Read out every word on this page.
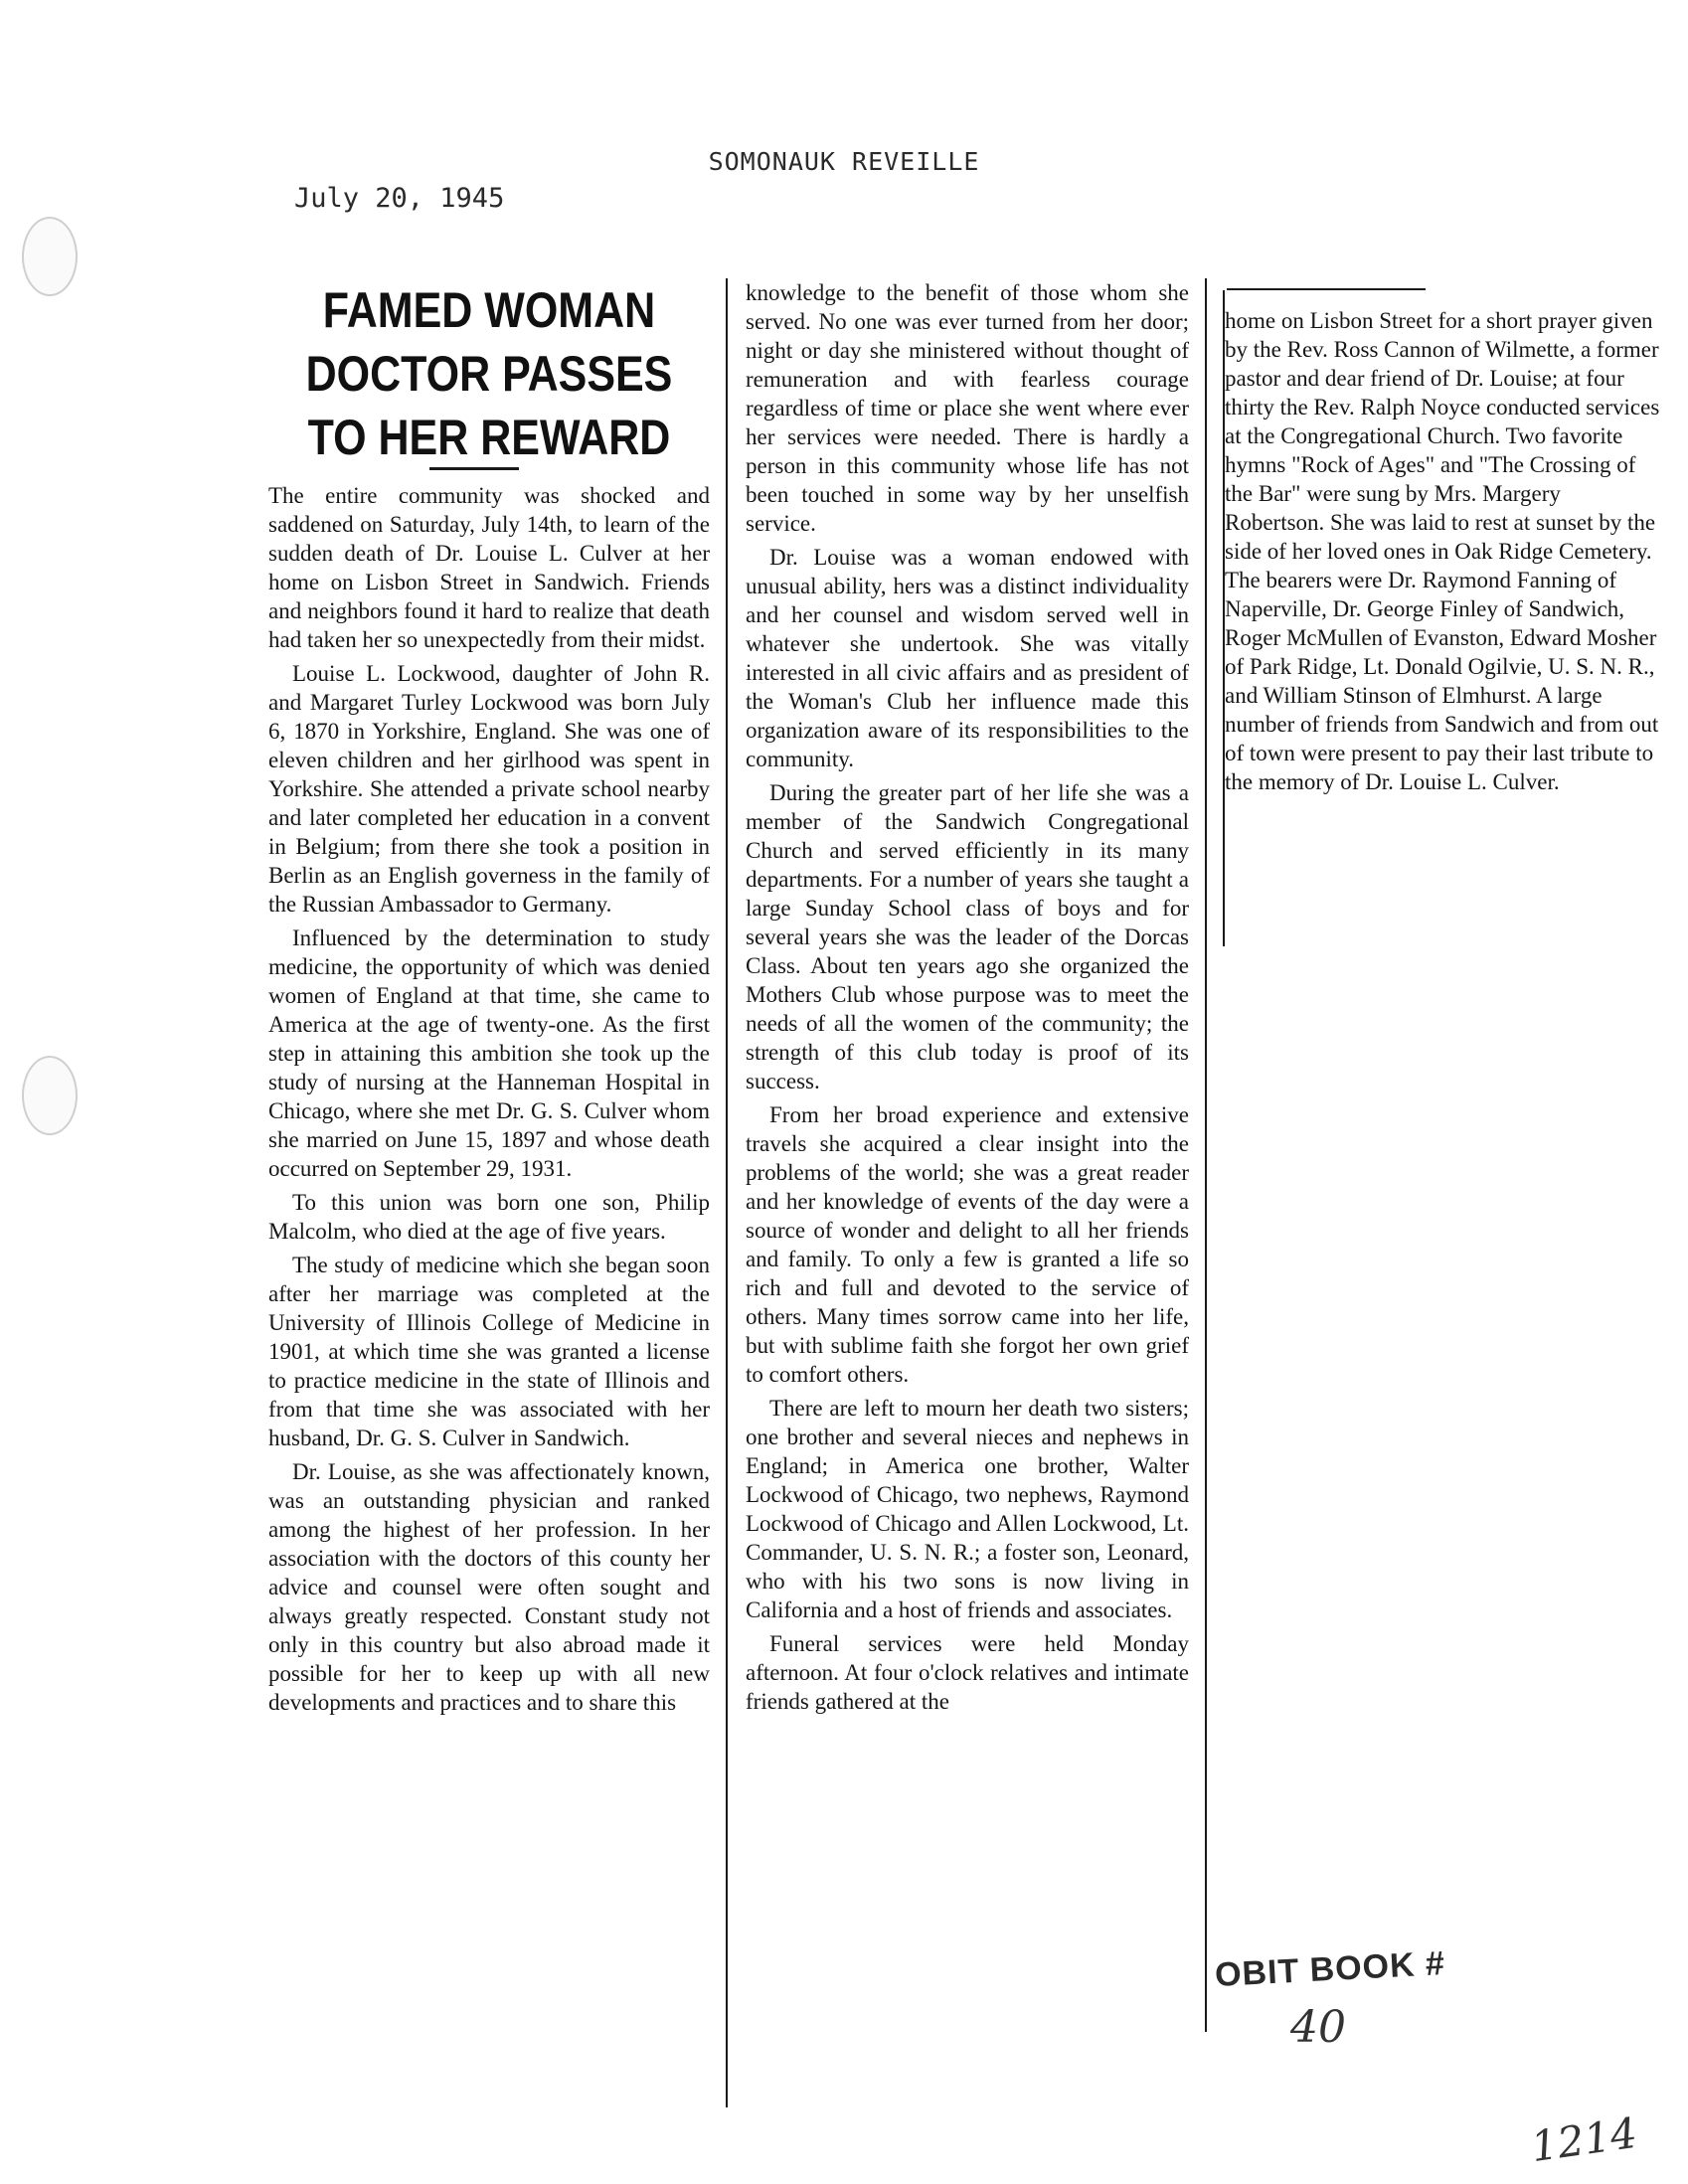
SOMONAUK REVEILLE
July 20, 1945
FAMED WOMAN
DOCTOR PASSES
TO HER REWARD

The entire community was shocked and saddened on Saturday, July 14th, to learn of the sudden death of Dr. Louise L. Culver at her home on Lisbon Street in Sandwich. Friends and neighbors found it hard to realize that death had taken her so unexpectedly from their midst.

Louise L. Lockwood, daughter of John R. and Margaret Turley Lockwood was born July 6, 1870 in Yorkshire, England. She was one of eleven children and her girlhood was spent in Yorkshire. She attended a private school nearby and later completed her education in a convent in Belgium; from there she took a position in Berlin as an English governess in the family of the Russian Ambassador to Germany.

Influenced by the determination to study medicine, the opportunity of which was denied women of England at that time, she came to America at the age of twenty-one. As the first step in attaining this ambition she took up the study of nursing at the Hanneman Hospital in Chicago, where she met Dr. G. S. Culver whom she married on June 15, 1897 and whose death occurred on September 29, 1931.

To this union was born one son, Philip Malcolm, who died at the age of five years.

The study of medicine which she began soon after her marriage was completed at the University of Illinois College of Medicine in 1901, at which time she was granted a license to practice medicine in the state of Illinois and from that time she was associated with her husband, Dr. G. S. Culver in Sandwich.

Dr. Louise, as she was affectionately known, was an outstanding physician and ranked among the highest of her profession. In her association with the doctors of this county her advice and counsel were often sought and always greatly respected. Constant study not only in this country but also abroad made it possible for her to keep up with all new developments and practices and to share this

knowledge to the benefit of those whom she served. No one was ever turned from her door; night or day she ministered without thought of remuneration and with fearless courage regardless of time or place she went where ever her services were needed. There is hardly a person in this community whose life has not been touched in some way by her unselfish service.

Dr. Louise was a woman endowed with unusual ability, hers was a distinct individuality and her counsel and wisdom served well in whatever she undertook. She was vitally interested in all civic affairs and as president of the Woman's Club her influence made this organization aware of its responsibilities to the community.

During the greater part of her life she was a member of the Sandwich Congregational Church and served efficiently in its many departments. For a number of years she taught a large Sunday School class of boys and for several years she was the leader of the Dorcas Class. About ten years ago she organized the Mothers Club whose purpose was to meet the needs of all the women of the community; the strength of this club today is proof of its success.

From her broad experience and extensive travels she acquired a clear insight into the problems of the world; she was a great reader and her knowledge of events of the day were a source of wonder and delight to all her friends and family. To only a few is granted a life so rich and full and devoted to the service of others. Many times sorrow came into her life, but with sublime faith she forgot her own grief to comfort others.

There are left to mourn her death two sisters; one brother and several nieces and nephews in England; in America one brother, Walter Lockwood of Chicago, two nephews, Raymond Lockwood of Chicago and Allen Lockwood, Lt. Commander, U. S. N. R.; a foster son, Leonard, who with his two sons is now living in California and a host of friends and associates.

Funeral services were held Monday afternoon. At four o'clock relatives and intimate friends gathered at the

home on Lisbon Street for a short prayer given by the Rev. Ross Cannon of Wilmette, a former pastor and dear friend of Dr. Louise; at four thirty the Rev. Ralph Noyce conducted services at the Congregational Church. Two favorite hymns "Rock of Ages" and "The Crossing of the Bar" were sung by Mrs. Margery Robertson. She was laid to rest at sunset by the side of her loved ones in Oak Ridge Cemetery. The bearers were Dr. Raymond Fanning of Naperville, Dr. George Finley of Sandwich, Roger McMullen of Evanston, Edward Mosher of Park Ridge, Lt. Donald Ogilvie, U. S. N. R., and William Stinson of Elmhurst. A large number of friends from Sandwich and from out of town were present to pay their last tribute to the memory of Dr. Louise L. Culver.

OBIT BOOK #
40
1214
